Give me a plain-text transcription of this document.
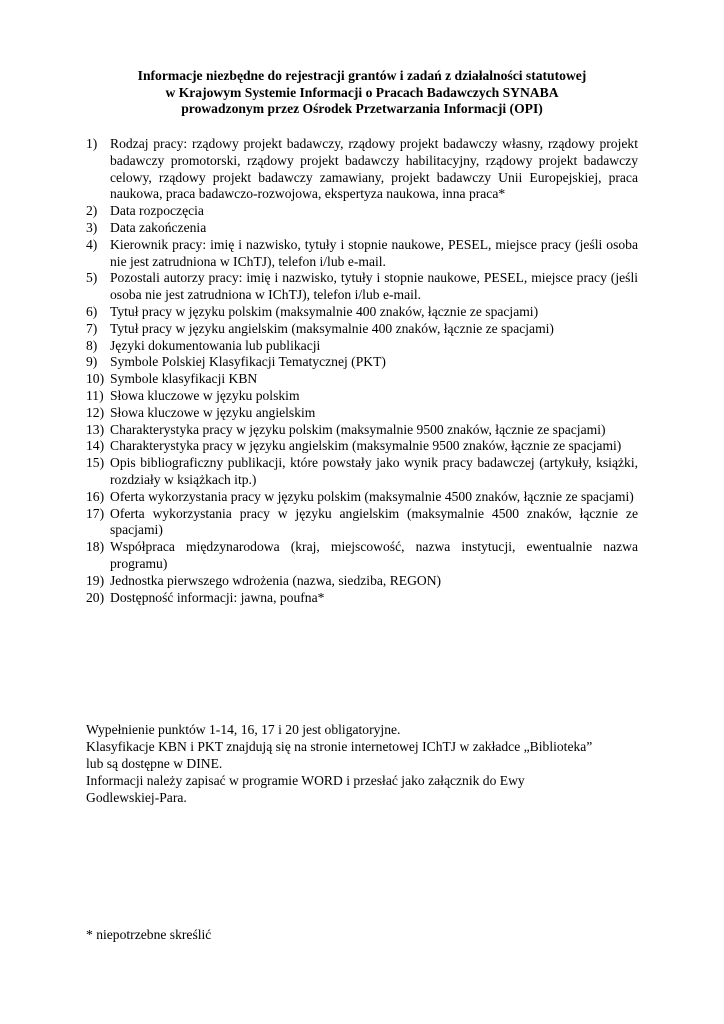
Informacje niezbędne do rejestracji grantów i zadań z działalności statutowej
w Krajowym Systemie Informacji o Pracach Badawczych SYNABA
prowadzonym przez Ośrodek Przetwarzania Informacji (OPI)
1) Rodzaj pracy: rządowy projekt badawczy, rządowy projekt badawczy własny, rządowy projekt badawczy promotorski, rządowy projekt badawczy habilitacyjny, rządowy projekt badawczy celowy, rządowy projekt badawczy zamawiany, projekt badawczy Unii Europejskiej, praca naukowa, praca badawczo-rozwojowa, ekspertyza naukowa, inna praca*
2) Data rozpoczęcia
3) Data zakończenia
4) Kierownik pracy: imię i nazwisko, tytuły i stopnie naukowe, PESEL, miejsce pracy (jeśli osoba nie jest zatrudniona w IChTJ), telefon i/lub e-mail.
5) Pozostali autorzy pracy: imię i nazwisko, tytuły i stopnie naukowe, PESEL, miejsce pracy (jeśli osoba nie jest zatrudniona w IChTJ), telefon i/lub e-mail.
6) Tytuł pracy w języku polskim (maksymalnie 400 znaków, łącznie ze spacjami)
7) Tytuł pracy w języku angielskim (maksymalnie 400 znaków, łącznie ze spacjami)
8) Języki dokumentowania lub publikacji
9) Symbole Polskiej Klasyfikacji Tematycznej (PKT)
10) Symbole klasyfikacji KBN
11) Słowa kluczowe w języku polskim
12) Słowa kluczowe w języku angielskim
13) Charakterystyka pracy w języku polskim (maksymalnie 9500 znaków, łącznie ze spacjami)
14) Charakterystyka pracy w języku angielskim (maksymalnie 9500 znaków, łącznie ze spacjami)
15) Opis bibliograficzny publikacji, które powstały jako wynik pracy badawczej (artykuły, książki, rozdziały w książkach itp.)
16) Oferta wykorzystania pracy w języku polskim (maksymalnie 4500 znaków, łącznie ze spacjami)
17) Oferta wykorzystania pracy w języku angielskim (maksymalnie 4500 znaków, łącznie ze spacjami)
18) Współpraca międzynarodowa (kraj, miejscowość, nazwa instytucji, ewentualnie nazwa programu)
19) Jednostka pierwszego wdrożenia (nazwa, siedziba, REGON)
20) Dostępność informacji: jawna, poufna*

Wypełnienie punktów 1-14, 16, 17 i 20 jest obligatoryjne.

Klasyfikacje KBN i PKT znajdują się na stronie internetowej IChTJ w zakładce „Biblioteka”

lub są dostępne w DINE.

Informacji należy zapisać w programie WORD i przesłać jako załącznik do Ewy

Godlewskiej-Para.

* niepotrzebne skreślić
